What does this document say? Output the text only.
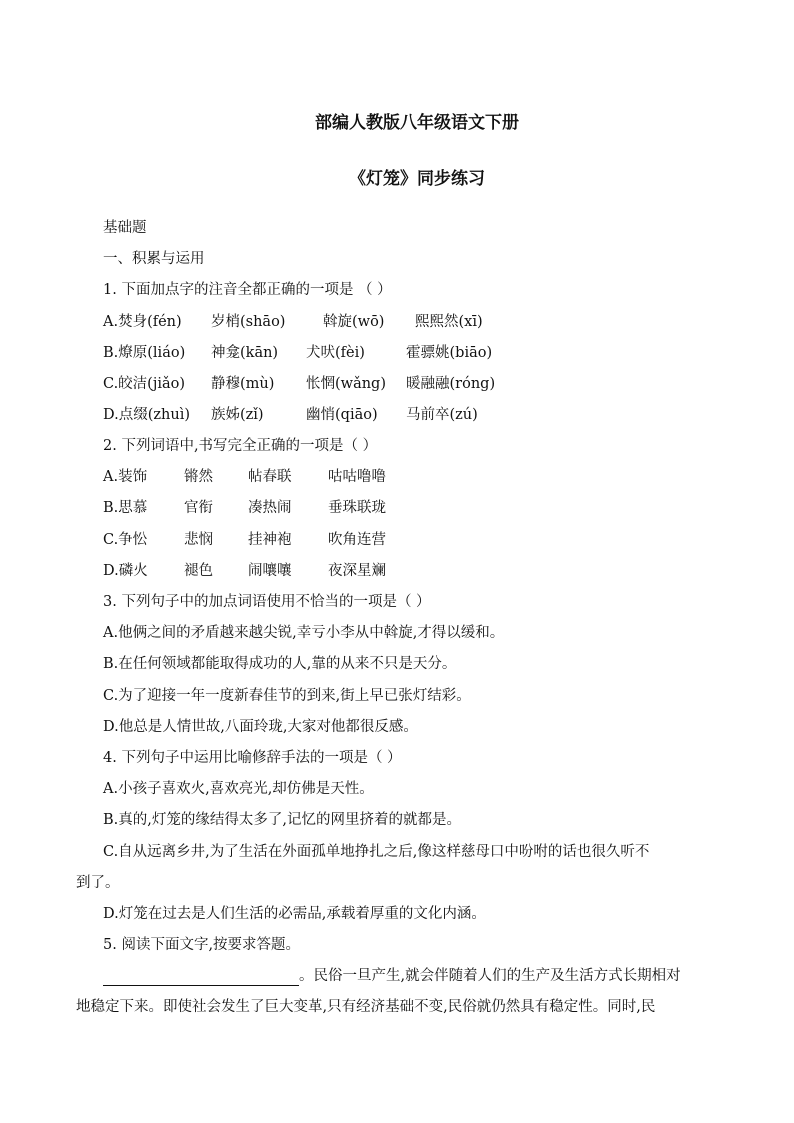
部编人教版八年级语文下册
《灯笼》同步练习
基础题
一、积累与运用
1. 下面加点字的注音全都正确的一项是 （ ）
A.焚身(fén) 岁梢(shāo)	斡旋(wō) 熙熙然(xī)
B.燎原(liáo) 神龛(kān) 犬吠(fèi)	霍骠姚(biāo)
C.皎洁(jiǎo) 静穆(mù) 怅惘(wǎng) 暖融融(róng)
D.点缀(zhuì) 族姊(zǐ)	幽悄(qiāo) 马前卒(zú)
2. 下列词语中,书写完全正确的一项是（ ）
A.装饰	锵然 帖春联	咕咕噜噜
B.思慕	官衔 凑热闹	垂珠联珑
C.争忪	悲悯 挂神袍	吹角连营
D.磷火	褪色 闹嚷嚷	夜深星斓
3. 下列句子中的加点词语使用不恰当的一项是（ ）
A.他俩之间的矛盾越来越尖锐,幸亏小李从中斡旋,才得以缓和。
B.在任何领域都能取得成功的人,靠的从来不只是天分。
C.为了迎接一年一度新春佳节的到来,街上早已张灯结彩。
D.他总是人情世故,八面玲珑,大家对他都很反感。
4. 下列句子中运用比喻修辞手法的一项是（ ）
A.小孩子喜欢火,喜欢亮光,却仿佛是天性。
B.真的,灯笼的缘结得太多了,记忆的网里挤着的就都是。
C.自从远离乡井,为了生活在外面孤单地挣扎之后,像这样慈母口中吩咐的话也很久听不
到了。
D.灯笼在过去是人们生活的必需品,承载着厚重的文化内涵。
5. 阅读下面文字,按要求答题。
。民俗一旦产生,就会伴随着人们的生产及生活方式长期相对
地稳定下来。即使社会发生了巨大变革,只有经济基础不变,民俗就仍然具有稳定性。同时,民
